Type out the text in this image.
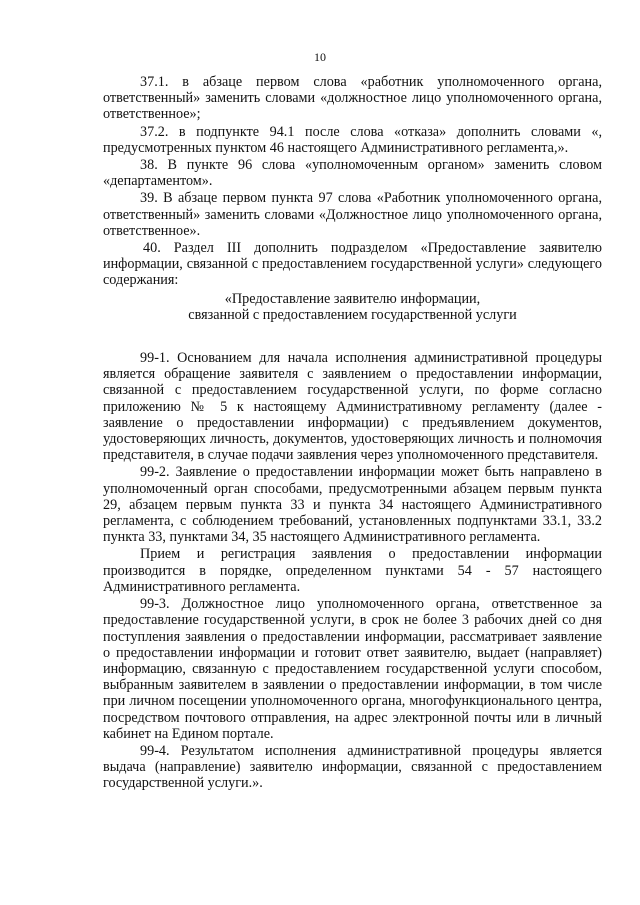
10

37.1. в абзаце первом слова «работник уполномоченного органа, ответственный» заменить словами «должностное лицо уполномоченного органа, ответственное»;

37.2. в подпункте 94.1 после слова «отказа» дополнить словами «, предусмотренных пунктом 46 настоящего Административного регламента,».

38. В пункте 96 слова «уполномоченным органом» заменить словом «департаментом».

39. В абзаце первом пункта 97 слова «Работник уполномоченного органа, ответственный» заменить словами «Должностное лицо уполномоченного органа, ответственное».

40. Раздел III дополнить подразделом «Предоставление заявителю информации, связанной с предоставлением государственной услуги» следующего содержания:

«Предоставление заявителю информации,
связанной с предоставлением государственной услуги

99-1. Основанием для начала исполнения административной процедуры является обращение заявителя с заявлением о предоставлении информации, связанной с предоставлением государственной услуги, по форме согласно приложению № 5 к настоящему Административному регламенту (далее - заявление о предоставлении информации) с предъявлением документов, удостоверяющих личность, документов, удостоверяющих личность и полномочия представителя, в случае подачи заявления через уполномоченного представителя.

99-2. Заявление о предоставлении информации может быть направлено в уполномоченный орган способами, предусмотренными абзацем первым пункта 29, абзацем первым пункта 33 и пункта 34 настоящего Административного регламента, с соблюдением требований, установленных подпунктами 33.1, 33.2 пункта 33, пунктами 34, 35 настоящего Административного регламента.

Прием и регистрация заявления о предоставлении информации производится в порядке, определенном пунктами 54 - 57 настоящего Административного регламента.

99-3. Должностное лицо уполномоченного органа, ответственное за предоставление государственной услуги, в срок не более 3 рабочих дней со дня поступления заявления о предоставлении информации, рассматривает заявление о предоставлении информации и готовит ответ заявителю, выдает (направляет) информацию, связанную с предоставлением государственной услуги способом, выбранным заявителем в заявлении о предоставлении информации, в том числе при личном посещении уполномоченного органа, многофункционального центра, посредством почтового отправления, на адрес электронной почты или в личный кабинет на Едином портале.

99-4. Результатом исполнения административной процедуры является выдача (направление) заявителю информации, связанной с предоставлением государственной услуги.».
